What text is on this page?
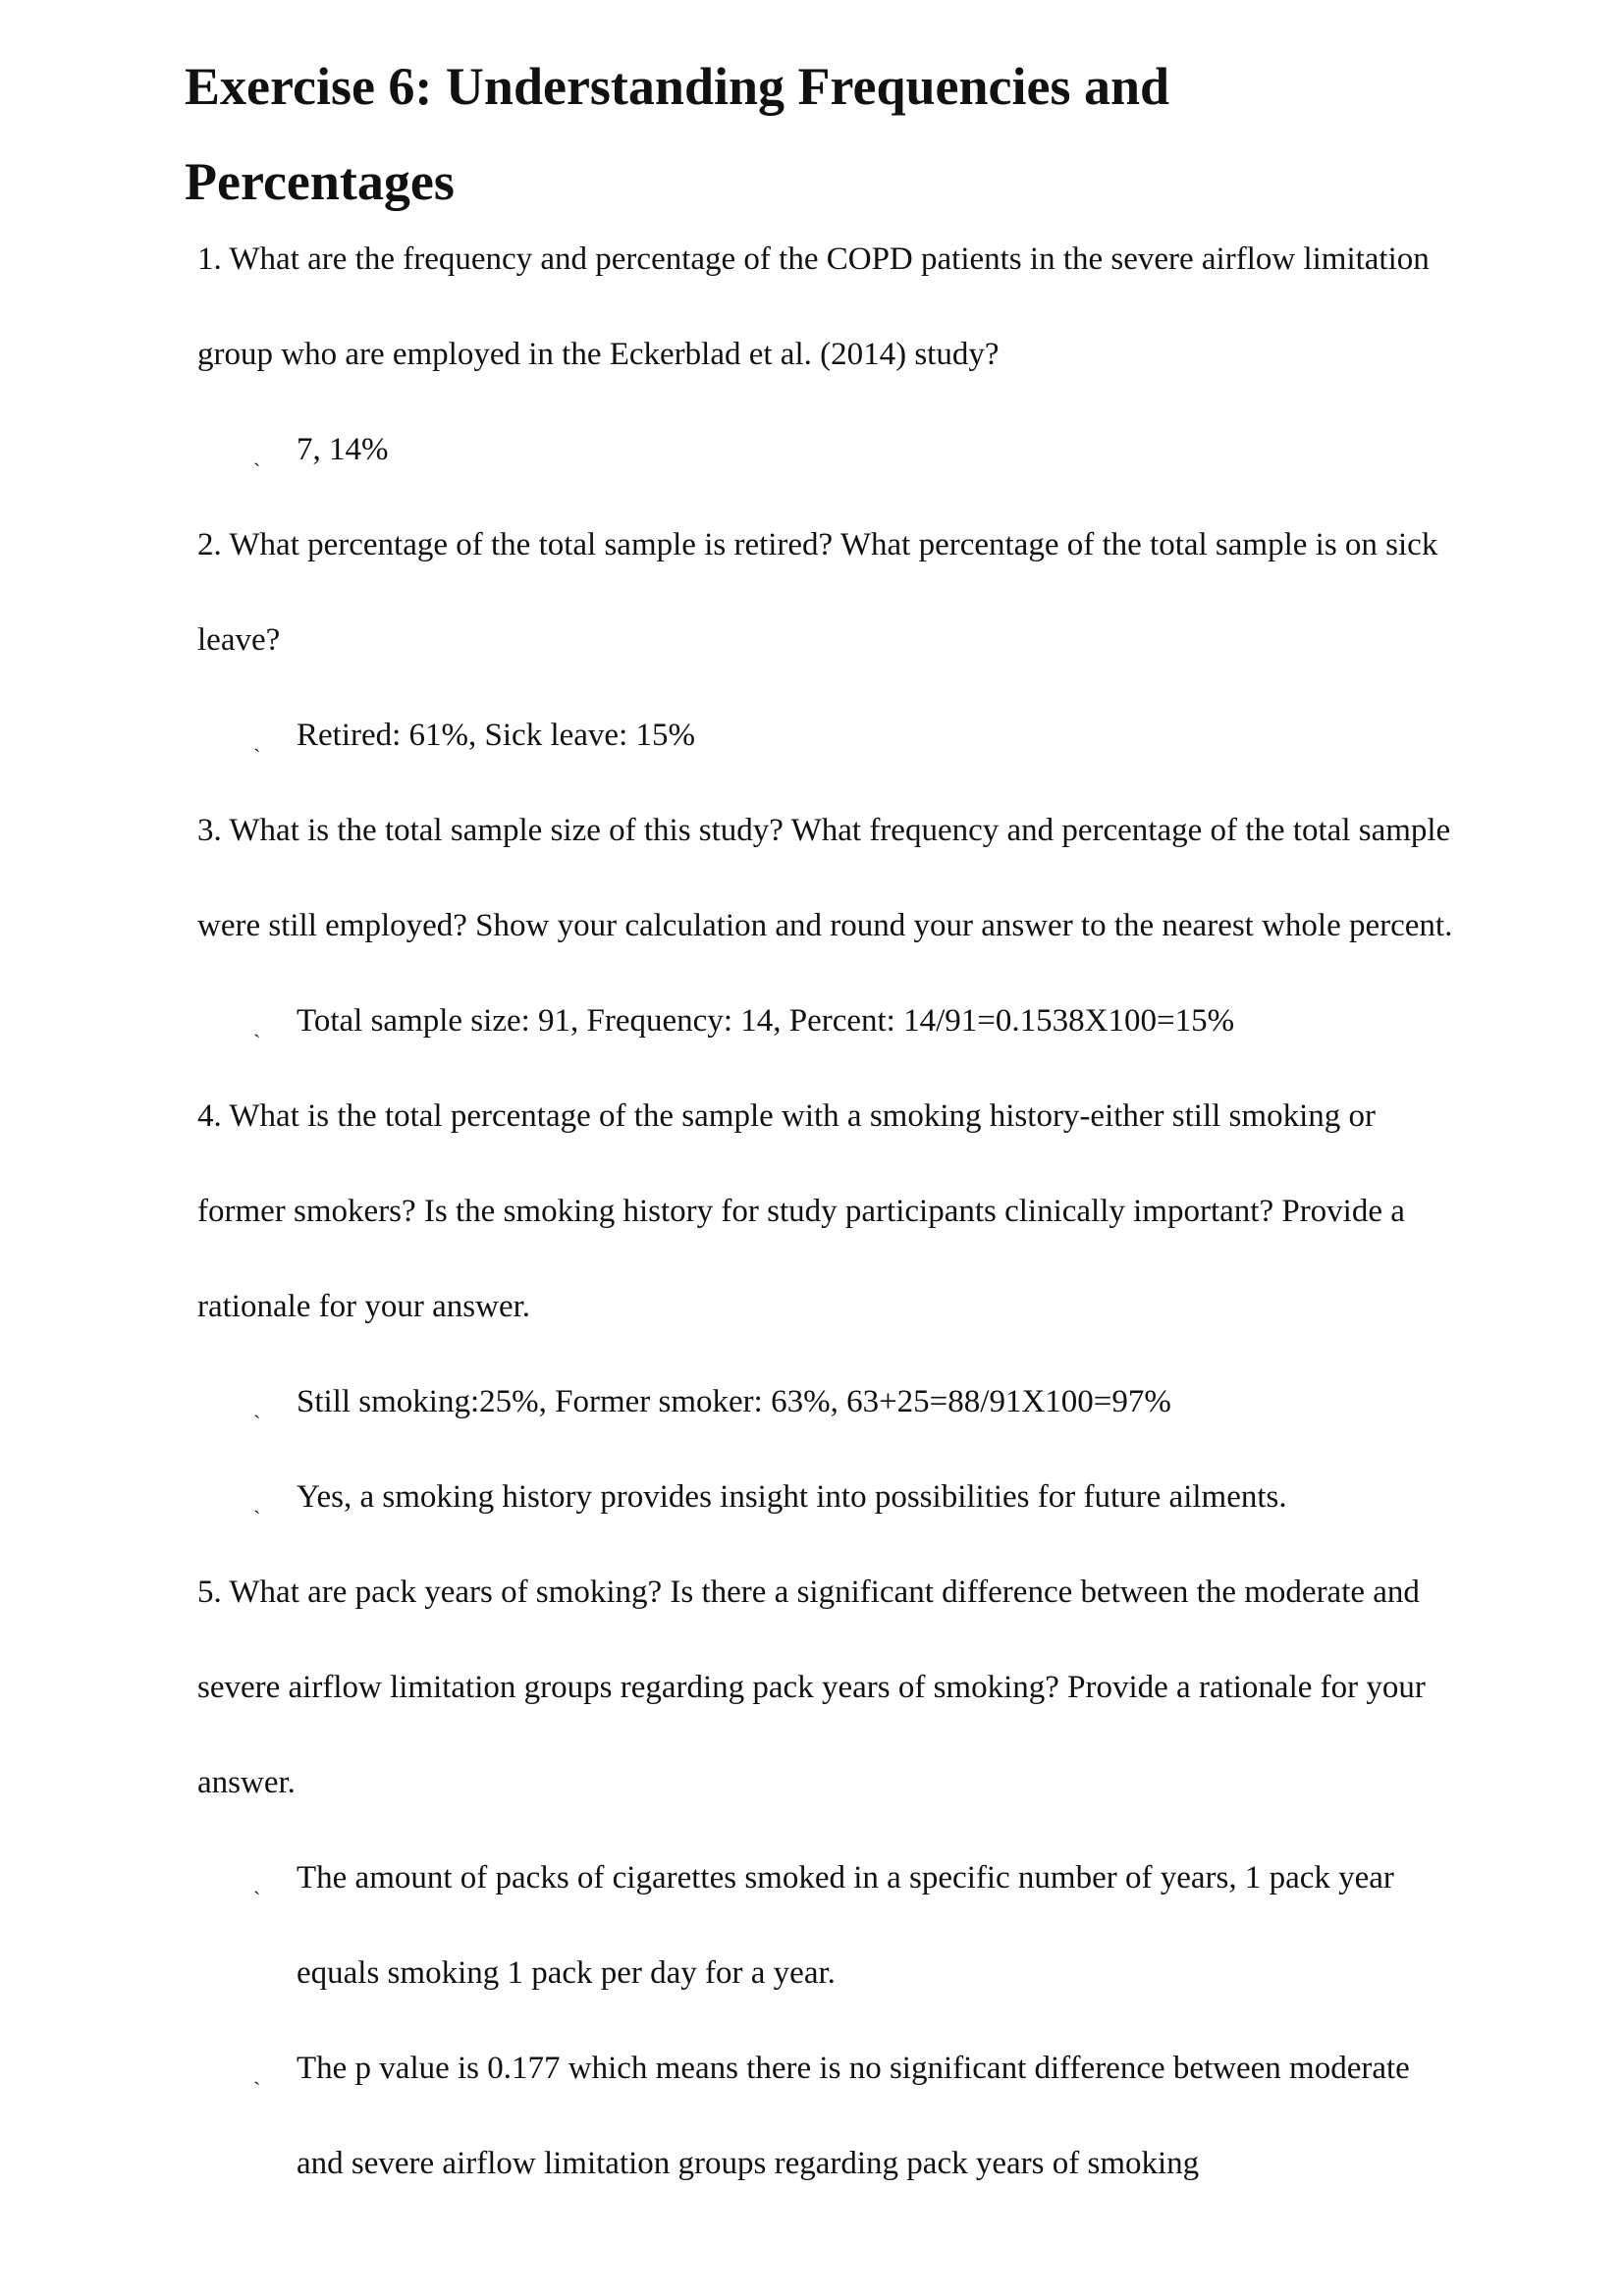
Exercise 6: Understanding Frequencies and
Percentages
1. What are the frequency and percentage of the COPD patients in the severe airflow limitation
group who are employed in the Eckerblad et al. (2014) study?
ˏ 7, 14%
2. What percentage of the total sample is retired? What percentage of the total sample is on sick
leave?
ˏ Retired: 61%, Sick leave: 15%
3. What is the total sample size of this study? What frequency and percentage of the total sample
were still employed? Show your calculation and round your answer to the nearest whole percent.
ˏ Total sample size: 91, Frequency: 14, Percent: 14/91=0.1538X100=15%
4. What is the total percentage of the sample with a smoking history-either still smoking or
former smokers? Is the smoking history for study participants clinically important? Provide a
rationale for your answer.
ˏ Still smoking:25%, Former smoker: 63%, 63+25=88/91X100=97%
ˏ Yes, a smoking history provides insight into possibilities for future ailments.
5. What are pack years of smoking? Is there a significant difference between the moderate and
severe airflow limitation groups regarding pack years of smoking? Provide a rationale for your
answer.
ˏ The amount of packs of cigarettes smoked in a specific number of years, 1 pack year
equals smoking 1 pack per day for a year.
ˏ The p value is 0.177 which means there is no significant difference between moderate
and severe airflow limitation groups regarding pack years of smoking
